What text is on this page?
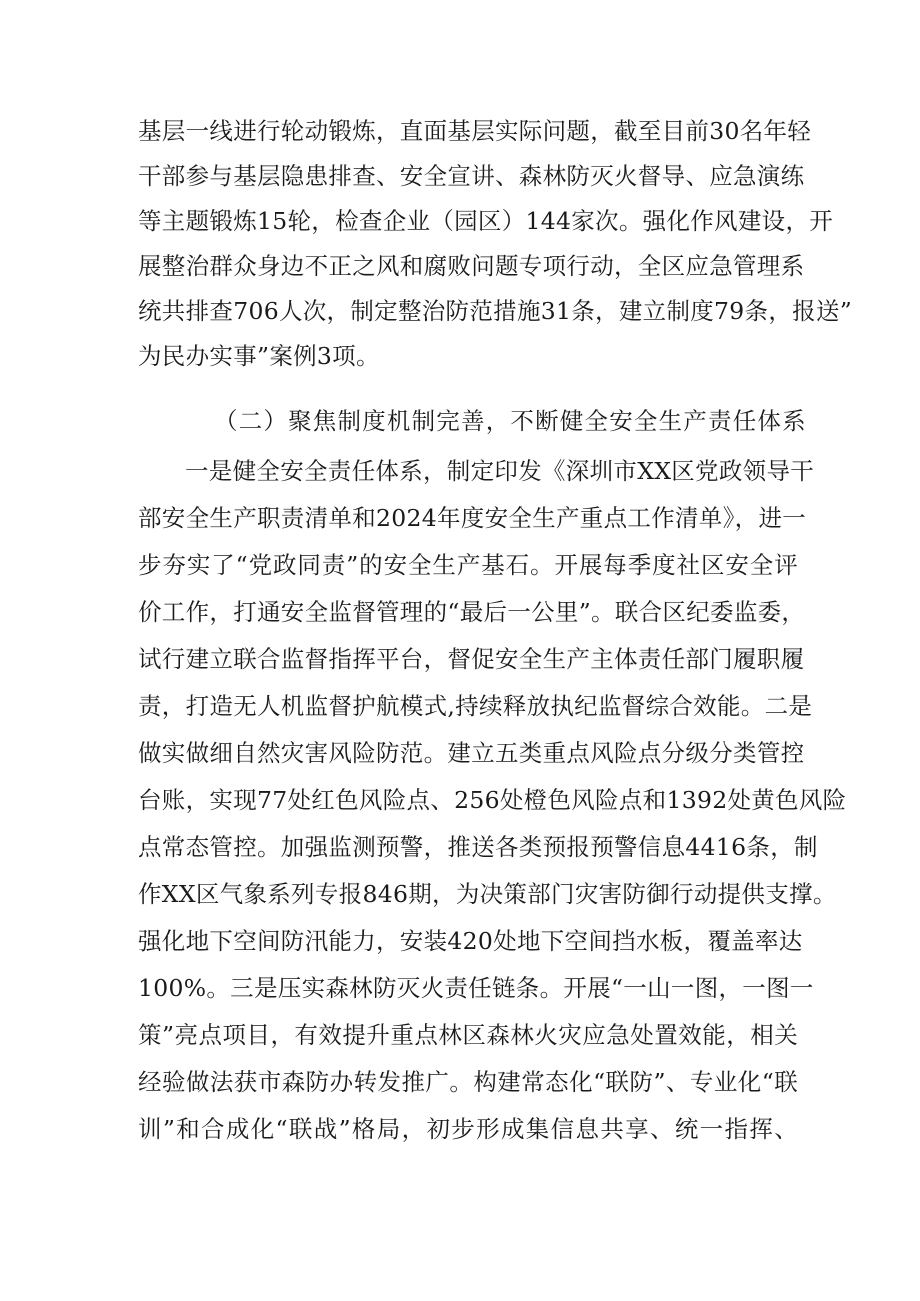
基层一线进行轮动锻炼，直面基层实际问题，截至目前30名年轻
干部参与基层隐患排查、安全宣讲、森林防灭火督导、应急演练
等主题锻炼15轮，检查企业（园区）144家次。强化作风建设，开
展整治群众身边不正之风和腐败问题专项行动，全区应急管理系
统共排查706人次，制定整治防范措施31条，建立制度79条，报送”
为民办实事”案例3项。
（二）聚焦制度机制完善，不断健全安全生产责任体系
一是健全安全责任体系，制定印发《深圳市XX区党政领导干
部安全生产职责清单和2024年度安全生产重点工作清单》，进一
步夯实了“党政同责”的安全生产基石。开展每季度社区安全评
价工作，打通安全监督管理的“最后一公里”。联合区纪委监委，
试行建立联合监督指挥平台，督促安全生产主体责任部门履职履
责，打造无人机监督护航模式,持续释放执纪监督综合效能。二是
做实做细自然灾害风险防范。建立五类重点风险点分级分类管控
台账，实现77处红色风险点、256处橙色风险点和1392处黄色风险
点常态管控。加强监测预警，推送各类预报预警信息4416条，制
作XX区气象系列专报846期，为决策部门灾害防御行动提供支撑。
强化地下空间防汛能力，安装420处地下空间挡水板，覆盖率达
100%。三是压实森林防灭火责任链条。开展“一山一图，一图一
策”亮点项目，有效提升重点林区森林火灾应急处置效能，相关
经验做法获市森防办转发推广。构建常态化“联防”、专业化“联
训”和合成化“联战”格局，初步形成集信息共享、统一指挥、
